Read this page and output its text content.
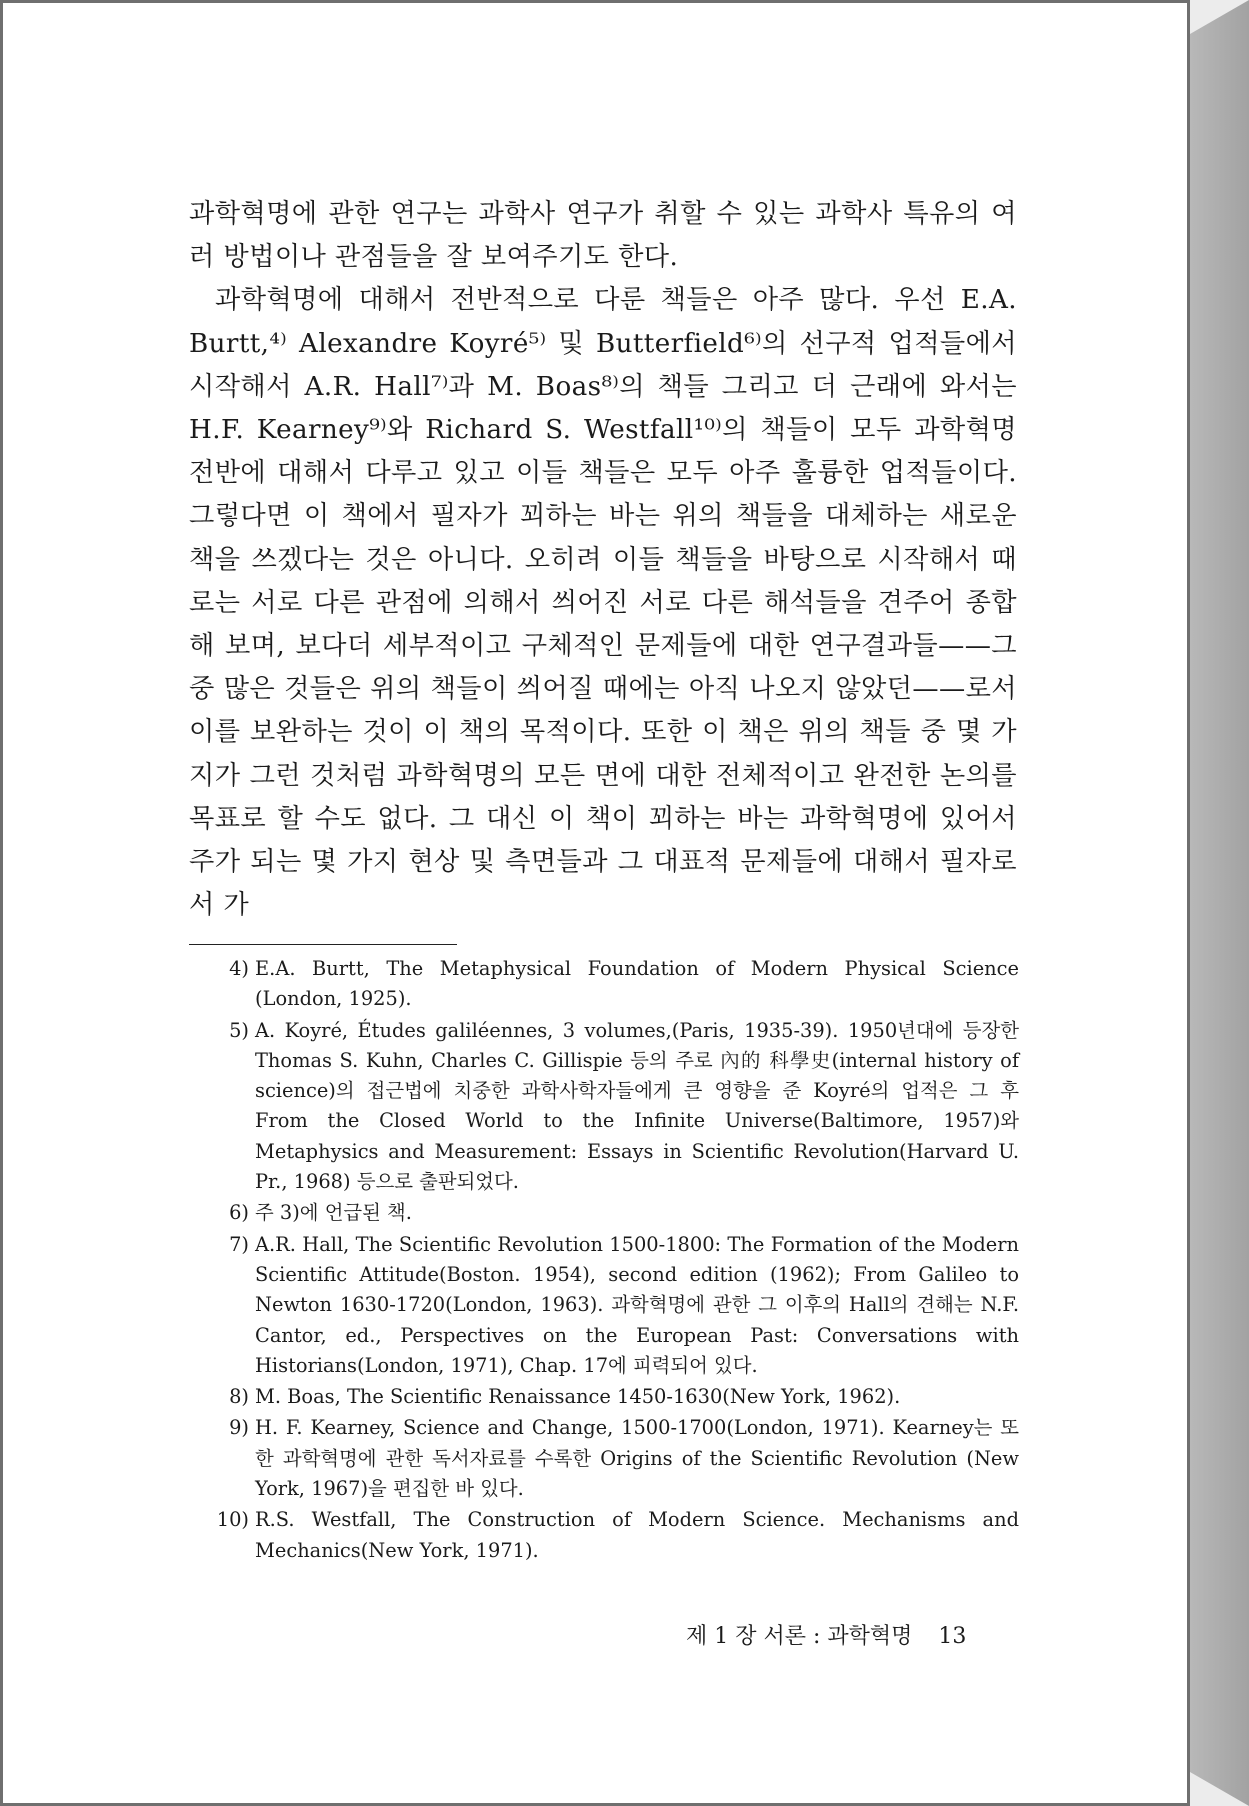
과학혁명에 관한 연구는 과학사 연구가 취할 수 있는 과학사 특유의 여러 방법이나 관점들을 잘 보여주기도 한다.

과학혁명에 대해서 전반적으로 다룬 책들은 아주 많다. 우선 E.A. Burtt,⁴⁾ Alexandre Koyré⁵⁾ 및 Butterfield⁶⁾의 선구적 업적들에서 시작해서 A.R. Hall⁷⁾과 M. Boas⁸⁾의 책들 그리고 더 근래에 와서는 H.F. Kearney⁹⁾와 Richard S. Westfall¹⁰⁾의 책들이 모두 과학혁명 전반에 대해서 다루고 있고 이들 책들은 모두 아주 훌륭한 업적들이다. 그렇다면 이 책에서 필자가 꾀하는 바는 위의 책들을 대체하는 새로운 책을 쓰겠다는 것은 아니다. 오히려 이들 책들을 바탕으로 시작해서 때로는 서로 다른 관점에 의해서 씌어진 서로 다른 해석들을 견주어 종합해 보며, 보다더 세부적이고 구체적인 문제들에 대한 연구결과들——그 중 많은 것들은 위의 책들이 씌어질 때에는 아직 나오지 않았던——로서 이를 보완하는 것이 이 책의 목적이다. 또한 이 책은 위의 책들 중 몇 가지가 그런 것처럼 과학혁명의 모든 면에 대한 전체적이고 완전한 논의를 목표로 할 수도 없다. 그 대신 이 책이 꾀하는 바는 과학혁명에 있어서 주가 되는 몇 가지 현상 및 측면들과 그 대표적 문제들에 대해서 필자로서 가

4) E.A. Burtt, The Metaphysical Foundation of Modern Physical Science (London, 1925).
5) A. Koyré, Études galiléennes, 3 volumes,(Paris, 1935-39). 1950년대에 등장한 Thomas S. Kuhn, Charles C. Gillispie 등의 주로 內的 科學史(internal history of science)의 접근법에 치중한 과학사학자들에게 큰 영향을 준 Koyré의 업적은 그 후 From the Closed World to the Infinite Universe(Baltimore, 1957)와 Metaphysics and Measurement: Essays in Scientific Revolution(Harvard U. Pr., 1968) 등으로 출판되었다.
6) 주 3)에 언급된 책.
7) A.R. Hall, The Scientific Revolution 1500-1800: The Formation of the Modern Scientific Attitude(Boston. 1954), second edition (1962); From Galileo to Newton 1630-1720(London, 1963). 과학혁명에 관한 그 이후의 Hall의 견해는 N.F. Cantor, ed., Perspectives on the European Past: Conversations with Historians(London, 1971), Chap. 17에 피력되어 있다.
8) M. Boas, The Scientific Renaissance 1450-1630(New York, 1962).
9) H. F. Kearney, Science and Change, 1500-1700(London, 1971). Kearney는 또한 과학혁명에 관한 독서자료를 수록한 Origins of the Scientific Revolution (New York, 1967)을 편집한 바 있다.
10) R.S. Westfall, The Construction of Modern Science. Mechanisms and Mechanics(New York, 1971).
제 1 장 서론 : 과학혁명 13
